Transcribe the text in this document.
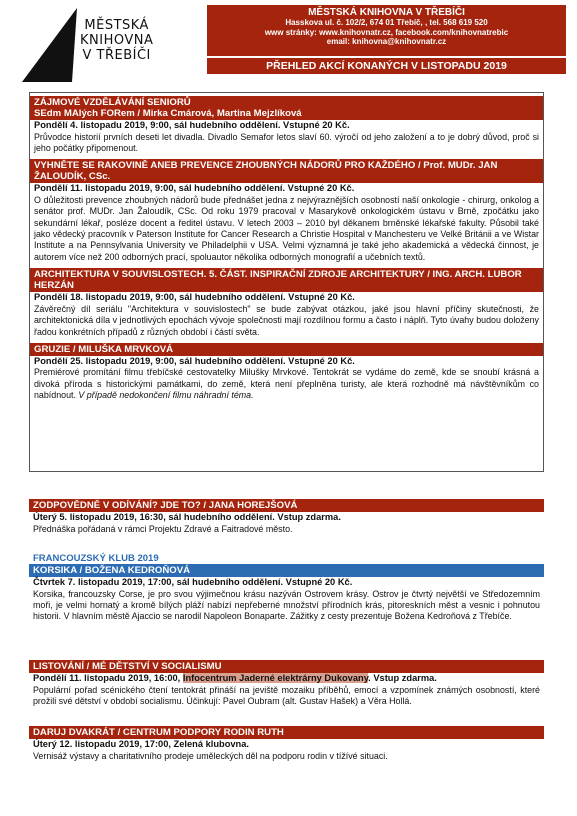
MĚSTSKÁ
KNIHOVNA
V TŘEBÍČI
MĚSTSKÁ KNIHOVNA V TŘEBÍČI
Hasskova ul. č. 102/2, 674 01 Třebíč, , tel. 568 619 520
www stránky: www.knihovnatr.cz, facebook.com/knihovnatrebic
email: knihovna@knihovnatr.cz
PŘEHLED AKCÍ KONANÝCH V LISTOPADU 2019
ZÁJMOVÉ VZDĚLÁVÁNÍ SENIORŮ
SEdm MAlých FORem / Mirka Cmárová, Martina Mejzlíková
Pondělí 4. listopadu 2019, 9:00, sál hudebního oddělení. Vstupné 20 Kč.
Průvodce historií prvních deseti let divadla. Divadlo Semafor letos slaví 60. výročí od jeho založení a to je dobrý důvod, proč si jeho počátky připomenout.
VYHNĚTE SE RAKOVINĚ ANEB PREVENCE ZHOUBNÝCH NÁDORŮ PRO KAŽDÉHO / Prof. MUDr. JAN ŽALOUDÍK, CSc.
Pondělí 11. listopadu 2019, 9:00, sál hudebního oddělení. Vstupné 20 Kč.
O důležitosti prevence zhoubných nádorů bude přednášet jedna z nejvýraznějších osobností naší onkologie - chirurg, onkolog a senátor prof. MUDr. Jan Žaloudík, CSc. Od roku 1979 pracoval v Masarykově onkologickém ústavu v Brně, zpočátku jako sekundární lékař, posléze docent a ředitel ústavu. V letech 2003 – 2010 byl děkanem brněnské lékařské fakulty. Působil také jako vědecký pracovník v Paterson Institute for Cancer Research a Christie Hospital v Manchesteru ve Velké Británii a ve Wistar Institute a na Pennsylvania University ve Philadelphii v USA. Velmi významná je také jeho akademická a vědecká činnost, je autorem více než 200 odborných prací, spoluautor několika odborných monografií a učebních textů.
ARCHITEKTURA V SOUVISLOSTECH. 5. ČÁST. INSPIRAČNÍ ZDROJE ARCHITEKTURY / ING. ARCH. LUBOR HERZÁN
Pondělí 18. listopadu 2019, 9:00, sál hudebního oddělení. Vstupné 20 Kč.
Závěrečný díl seriálu "Architektura v souvislostech" se bude zabývat otázkou, jaké jsou hlavní příčiny skutečnosti, že architektonická díla v jednotlivých epochách vývoje společnosti mají rozdílnou formu a často i náplň. Tyto úvahy budou doloženy řadou konkrétních případů z různých období i částí světa.
GRUZIE / MILUŠKA MRVKOVÁ
Pondělí 25. listopadu 2019, 9:00, sál hudebního oddělení. Vstupné 20 Kč.
Premiérové promítání filmu třebíčské cestovatelky Milušky Mrvkové. Tentokrát se vydáme do země, kde se snoubí krásná a divoká příroda s historickými památkami, do země, která není přeplněna turisty, ale která rozhodně má návštěvníkům co nabídnout. V případě nedokončení filmu náhradní téma.
ZODPOVĚDNĚ V ODÍVÁNÍ? JDE TO? / JANA HOREJŠOVÁ
Úterý 5. listopadu 2019, 16:30, sál hudebního oddělení. Vstup zdarma.
Přednáška pořádaná v rámci Projektu Zdravé a Faitradové město.
FRANCOUZSKÝ KLUB 2019
KORSIKA / BOŽENA KEDROŇOVÁ
Čtvrtek 7. listopadu 2019, 17:00, sál hudebního oddělení. Vstupné 20 Kč.
Korsika, francouzsky Corse, je pro svou výjimečnou krásu nazýván Ostrovem krásy. Ostrov je čtvrtý největší ve Středozemním moři, je velmi hornatý a kromě bílých pláží nabízí nepřeberné množství přírodních krás, pitoreskních měst a vesnic i pohnutou historii. V hlavním městě Ajaccio se narodil Napoleon Bonaparte. Zážitky z cesty prezentuje Božena Kedroňová z Třebíče.
LISTOVÁNÍ / MÉ DĚTSTVÍ V SOCIALISMU
Pondělí 11. listopadu 2019, 16:00, Infocentrum Jaderné elektrárny Dukovany. Vstup zdarma.
Populární pořad scénického čtení tentokrát přináší na jeviště mozaiku příběhů, emocí a vzpomínek známých osobností, které prožili své dětství v období socialismu. Účinkují: Pavel Oubram (alt. Gustav Hašek) a Věra Hollá.
DARUJ DVAKRÁT / CENTRUM PODPORY RODIN RUTH
Úterý 12. listopadu 2019, 17:00, Zelená klubovna.
Vernisáž výstavy a charitativního prodeje uměleckých děl na podporu rodin v tížívé situaci.
